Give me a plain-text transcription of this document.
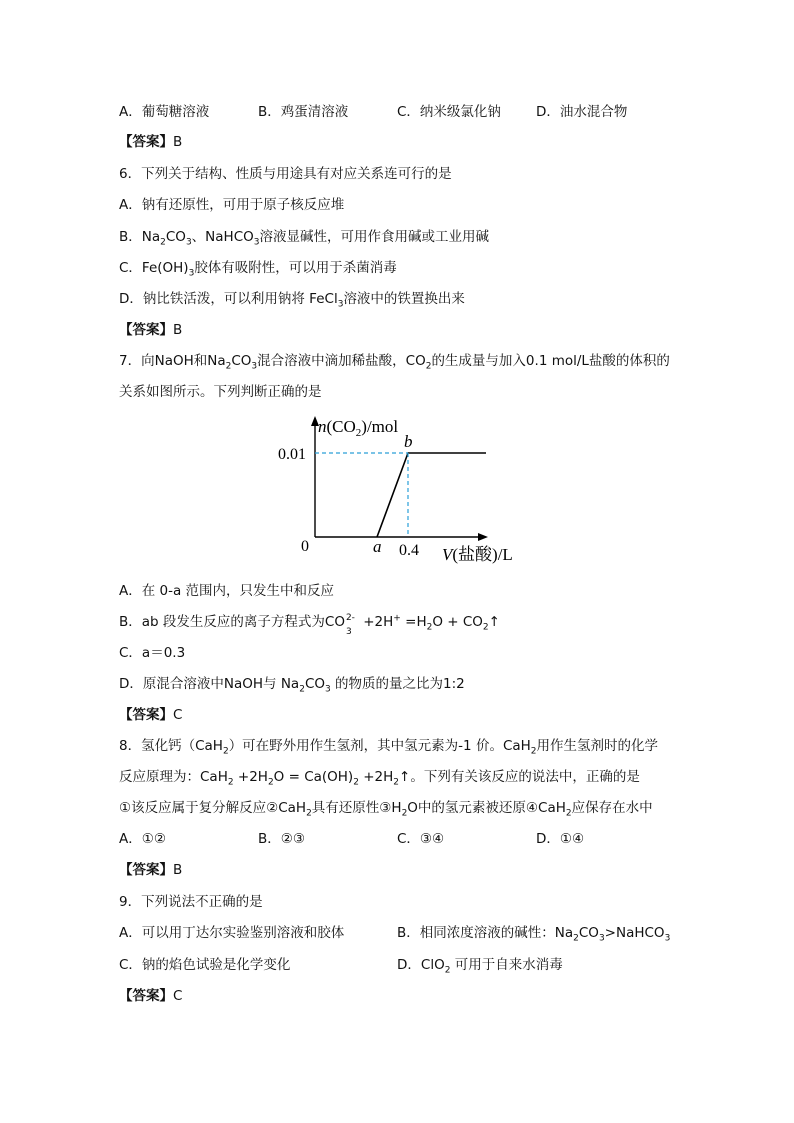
A．葡萄糖溶液	B．鸡蛋清溶液	C．纳米级氯化钠	D．油水混合物
【答案】B
6．下列关于结构、性质与用途具有对应关系连可行的是
A．钠有还原性，可用于原子核反应堆
B．$Na_2CO_3$、NaHCO$_3$溶液显碱性，可用作食用碱或工业用碱
C．$Fe(OH)_3$胶体有吸附性，可以用于杀菌消毒
D．钠比铁活泼，可以利用钠将 FeCl$_3$溶液中的铁置换出来
【答案】B
7．向NaOH和$Na_2CO_3$混合溶液中滴加稀盐酸，$CO_2$的生成量与加入0.1 mol/L盐酸的体积的
关系如图所示。下列判断正确的是
$n(CO_2)$/mol
0.01
0	a
b
0.4 V(盐酸)/L
A．在 0-a 范围内，只发生中和反应
B．ab 段发生反应的离子方程式为CO 2-
3
$+2H^+ =H_2O$ + $CO_2↑$
C．a＝0.3
D．原混合溶液中NaOH与 $Na_2CO_3$ 的物质的量之比为1:2
【答案】C
8．氢化钙（CaH$_2$）可在野外用作生氢剂，其中氢元素为-1 价。CaH$_2$用作生氢剂时的化学
反应原理为：$CaH_2 +2H_2O = Ca(OH)_2$ $+2H_2↑$。下列有关该反应的说法中，正确的是
①该反应属于复分解反应②CaH$_2$具有还原性$③H_2O$中的氢元素被还原④CaH$_2$应保存在水中
A．①②	B．②③	C．③④	D．①④
【答案】B
9．下列说法不正确的是
A．可以用丁达尔实验鉴别溶液和胶体	B．相同浓度溶液的碱性：$Na_2CO_3>NaHCO_3$
C．钠的焰色试验是化学变化	D．ClO$_2$ 可用于自来水消毒
【答案】C
